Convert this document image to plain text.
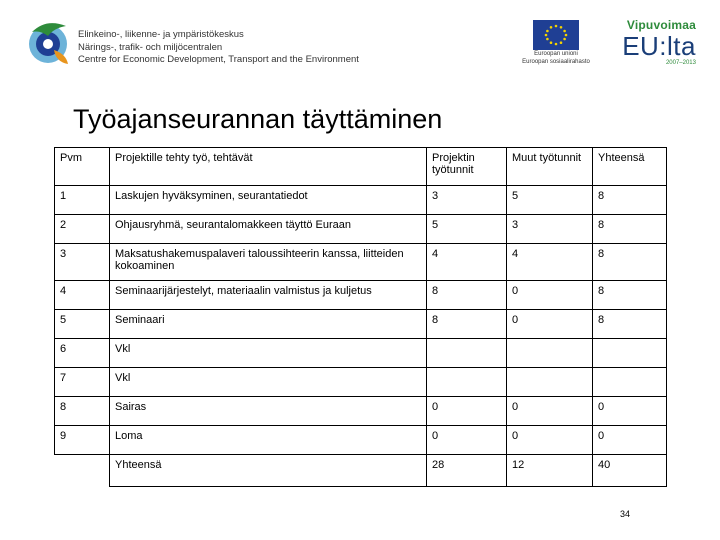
Elinkeino-, liikenne- ja ympäristökeskus
Närings-, trafik- och miljöcentralen
Centre for Economic Development, Transport and the Environment	Euroopan unioni
Euroopan sosiaalirahasto
Vipuvoimaa
EU:lta
2007–2013
Työajanseurannan täyttäminen
Pvm	Projektille tehty työ, tehtävät	Projektin työtunnit	Muut työtunnit	Yhteensä
1	Laskujen hyväksyminen, seurantatiedot	3	5	8
2	Ohjausryhmä, seurantalomakkeen täyttö Euraan	5	3	8
3	Maksatushakemuspalaveri taloussihteerin kanssa, liitteiden kokoaminen	4	4	8
4	Seminaarijärjestelyt, materiaalin valmistus ja kuljetus	8	0	8
5	Seminaari	8	0	8
6	Vkl			
7	Vkl			
8	Sairas	0	0	0
9	Loma	0	0	0
	Yhteensä	28	12	40
34
